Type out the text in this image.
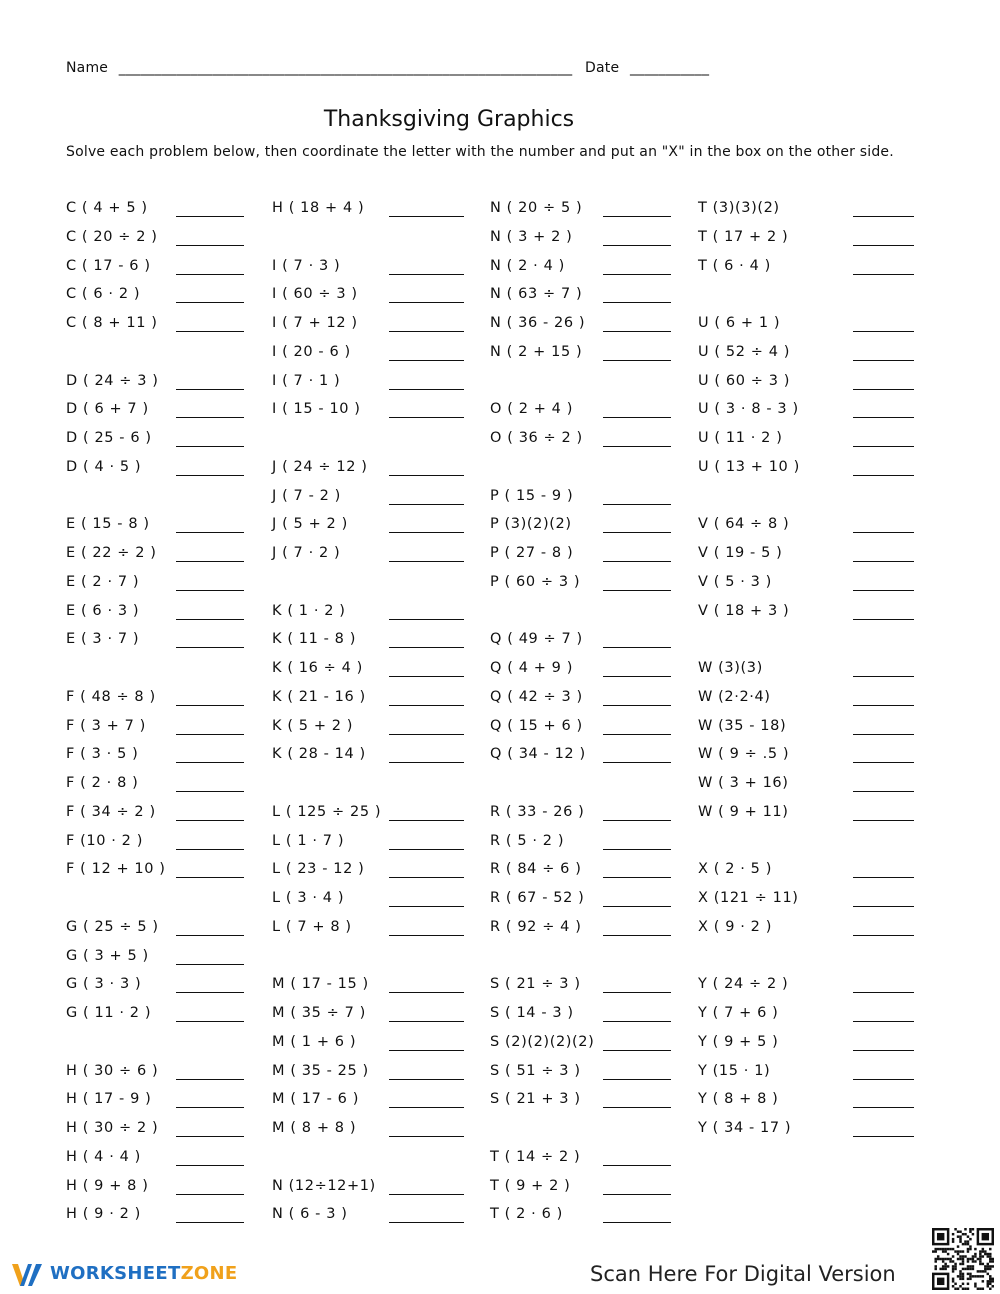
Name _______________________________________________________________ Date ___________
Thanksgiving Graphics
Solve each problem below, then coordinate the letter with the number and put an "X" in the box on the other side.
C ( 4 + 5 )
C ( 20 ÷ 2 )
C ( 17 - 6 )
C ( 6 · 2 )
C ( 8 + 11 )
D ( 24 ÷ 3 )
D ( 6 + 7 )
D ( 25 - 6 )
D ( 4 · 5 )
E ( 15 - 8 )
E ( 22 ÷ 2 )
E ( 2 · 7 )
E ( 6 · 3 )
E ( 3 · 7 )
F ( 48 ÷ 8 )
F ( 3 + 7 )
F ( 3 · 5 )
F ( 2 · 8 )
F ( 34 ÷ 2 )
F (10 · 2 )
F ( 12 + 10 )
G ( 25 ÷ 5 )
G ( 3 + 5 )
G ( 3 · 3 )
G ( 11 · 2 )
H ( 30 ÷ 6 )
H ( 17 - 9 )
H ( 30 ÷ 2 )
H ( 4 · 4 )
H ( 9 + 8 )
H ( 9 · 2 )
H ( 18 + 4 )
I ( 7 · 3 )
I ( 60 ÷ 3 )
I ( 7 + 12 )
I ( 20 - 6 )
I ( 7 · 1 )
I ( 15 - 10 )
J ( 24 ÷ 12 )
J ( 7 - 2 )
J ( 5 + 2 )
J ( 7 · 2 )
K ( 1 · 2 )
K ( 11 - 8 )
K ( 16 ÷ 4 )
K ( 21 - 16 )
K ( 5 + 2 )
K ( 28 - 14 )
L ( 125 ÷ 25 )
L ( 1 · 7 )
L ( 23 - 12 )
L ( 3 · 4 )
L ( 7 + 8 )
M ( 17 - 15 )
M ( 35 ÷ 7 )
M ( 1 + 6 )
M ( 35 - 25 )
M ( 17 - 6 )
M ( 8 + 8 )
N (12÷12+1)
N ( 6 - 3 )
N ( 20 ÷ 5 )
N ( 3 + 2 )
N ( 2 · 4 )
N ( 63 ÷ 7 )
N ( 36 - 26 )
N ( 2 + 15 )
O ( 2 + 4 )
O ( 36 ÷ 2 )
P ( 15 - 9 )
P (3)(2)(2)
P ( 27 - 8 )
P ( 60 ÷ 3 )
Q ( 49 ÷ 7 )
Q ( 4 + 9 )
Q ( 42 ÷ 3 )
Q ( 15 + 6 )
Q ( 34 - 12 )
R ( 33 - 26 )
R ( 5 · 2 )
R ( 84 ÷ 6 )
R ( 67 - 52 )
R ( 92 ÷ 4 )
S ( 21 ÷ 3 )
S ( 14 - 3 )
S (2)(2)(2)(2)
S ( 51 ÷ 3 )
S ( 21 + 3 )
T ( 14 ÷ 2 )
T ( 9 + 2 )
T ( 2 · 6 )
T (3)(3)(2)
T ( 17 + 2 )
T ( 6 · 4 )
U ( 6 + 1 )
U ( 52 ÷ 4 )
U ( 60 ÷ 3 )
U ( 3 · 8 - 3 )
U ( 11 · 2 )
U ( 13 + 10 )
V ( 64 ÷ 8 )
V ( 19 - 5 )
V ( 5 · 3 )
V ( 18 + 3 )
W (3)(3)
W (2·2·4)
W (35 - 18)
W ( 9 ÷ .5 )
W ( 3 + 16)
W ( 9 + 11)
X ( 2 · 5 )
X (121 ÷ 11)
X ( 9 · 2 )
Y ( 24 ÷ 2 )
Y ( 7 + 6 )
Y ( 9 + 5 )
Y (15 · 1)
Y ( 8 + 8 )
Y ( 34 - 17 )
WORKSHEETZONE	Scan Here For Digital Version
